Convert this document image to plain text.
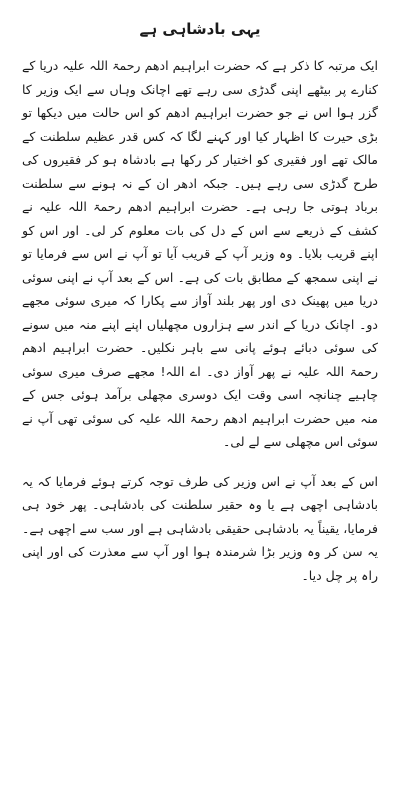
یہی بادشاہی ہے

ایک مرتبہ کا ذکر ہے کہ حضرت ابراہیم ادھم رحمۃ اللہ علیہ دریا کے کنارے پر بیٹھے اپنی گدڑی سی رہے تھے اچانک وہاں سے ایک وزیر کا گزر ہوا اس نے جو حضرت ابراہیم ادھم کو اس حالت میں دیکھا تو بڑی حیرت کا اظہار کیا اور کہنے لگا کہ کس قدر عظیم سلطنت کے مالک تھے اور فقیری کو اختیار کر رکھا ہے بادشاہ ہو کر فقیروں کی طرح گدڑی سی رہے ہیں۔ جبکہ ادھر ان کے نہ ہونے سے سلطنت برباد ہوتی جا رہی ہے۔ حضرت ابراہیم ادھم رحمۃ اللہ علیہ نے کشف کے ذریعے سے اس کے دل کی بات معلوم کر لی۔ اور اس کو اپنے قریب بلایا۔ وہ وزیر آپ کے قریب آیا تو آپ نے اس سے فرمایا تو نے اپنی سمجھ کے مطابق بات کی ہے۔ اس کے بعد آپ نے اپنی سوئی دریا میں پھینک دی اور پھر بلند آواز سے پکارا کہ میری سوئی مجھے دو۔ اچانک دریا کے اندر سے ہزاروں مچھلیاں اپنے اپنے منہ میں سونے کی سوئی دبائے ہوئے پانی سے باہر نکلیں۔ حضرت ابراہیم ادھم رحمۃ اللہ علیہ نے پھر آواز دی۔ اے اللہ! مجھے صرف میری سوئی چاہیے چنانچہ اسی وقت ایک دوسری مچھلی برآمد ہوئی جس کے منہ میں حضرت ابراہیم ادھم رحمۃ اللہ علیہ کی سوئی تھی آپ نے سوئی اس مچھلی سے لے لی۔

اس کے بعد آپ نے اس وزیر کی طرف توجہ کرتے ہوئے فرمایا کہ یہ بادشاہی اچھی ہے یا وہ حقیر سلطنت کی بادشاہی۔ پھر خود ہی فرمایا، یقیناً یہ بادشاہی حقیقی بادشاہی ہے اور سب سے اچھی ہے۔ یہ سن کر وہ وزیر بڑا شرمندہ ہوا اور آپ سے معذرت کی اور اپنی راہ پر چل دیا۔
